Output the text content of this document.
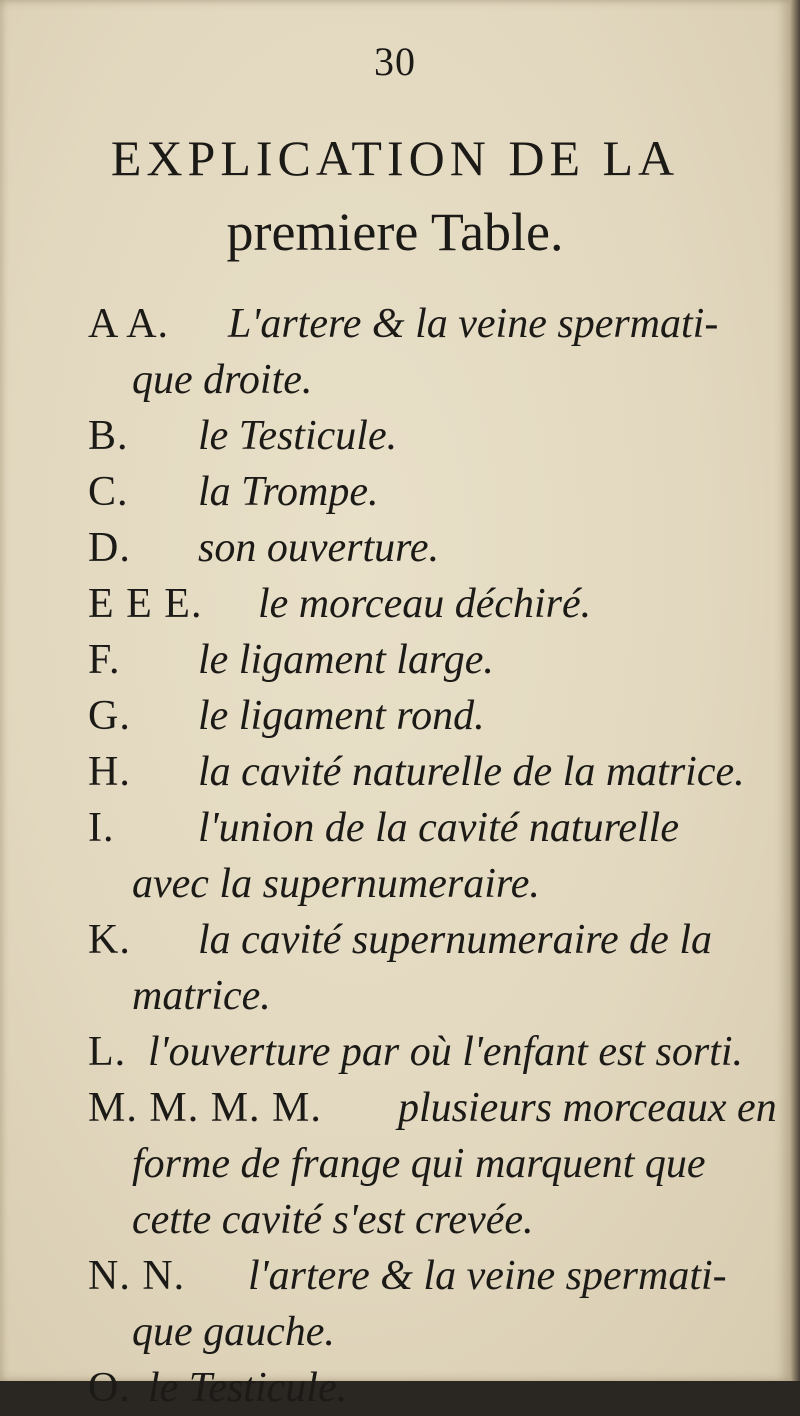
30
EXPLICATION DE LA
premiere Table.
A A. L'artere & la veine spermati-
que droite.
B. le Testicule.
C. la Trompe.
D. son ouverture.
E E E. le morceau déchiré.
F. le ligament large.
G. le ligament rond.
H. la cavité naturelle de la matrice.
I. l'union de la cavité naturelle
avec la supernumeraire.
K. la cavité supernumeraire de la
matrice.
L. l'ouverture par où l'enfant est sorti.
M. M. M. M. plusieurs morceaux en
forme de frange qui marquent que
cette cavité s'est crevée.
N. N. l'artere & la veine spermati-
que gauche.
O. le Testicule.
